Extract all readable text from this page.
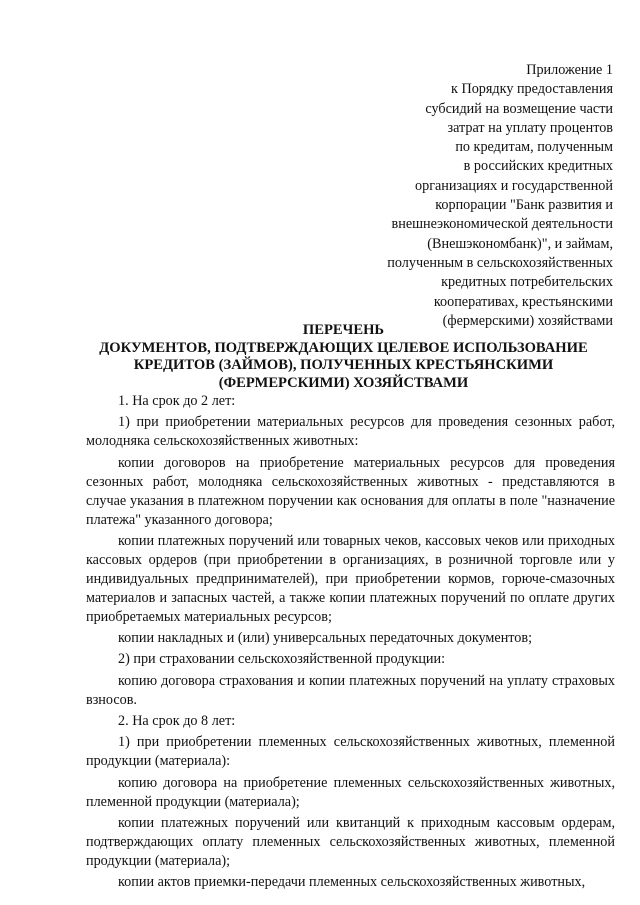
Приложение 1
к Порядку предоставления
субсидий на возмещение части
затрат на уплату процентов
по кредитам, полученным
в российских кредитных
организациях и государственной
корпорации "Банк развития и
внешнеэкономической деятельности
(Внешэкономбанк)", и займам,
полученным в сельскохозяйственных
кредитных потребительских
кооперативах, крестьянскими
(фермерскими) хозяйствами
ПЕРЕЧЕНЬ
ДОКУМЕНТОВ, ПОДТВЕРЖДАЮЩИХ ЦЕЛЕВОЕ ИСПОЛЬЗОВАНИЕ
КРЕДИТОВ (ЗАЙМОВ), ПОЛУЧЕННЫХ КРЕСТЬЯНСКИМИ
(ФЕРМЕРСКИМИ) ХОЗЯЙСТВАМИ

1. На срок до 2 лет:

1) при приобретении материальных ресурсов для проведения сезонных работ, молодняка сельскохозяйственных животных:

копии договоров на приобретение материальных ресурсов для проведения сезонных работ, молодняка сельскохозяйственных животных - представляются в случае указания в платежном поручении как основания для оплаты в поле "назначение платежа" указанного договора;

копии платежных поручений или товарных чеков, кассовых чеков или приходных кассовых ордеров (при приобретении в организациях, в розничной торговле или у индивидуальных предпринимателей), при приобретении кормов, горюче-смазочных материалов и запасных частей, а также копии платежных поручений по оплате других приобретаемых материальных ресурсов;

копии накладных и (или) универсальных передаточных документов;

2) при страховании сельскохозяйственной продукции:

копию договора страхования и копии платежных поручений на уплату страховых взносов.

2. На срок до 8 лет:

1) при приобретении племенных сельскохозяйственных животных, племенной продукции (материала):

копию договора на приобретение племенных сельскохозяйственных животных, племенной продукции (материала);

копии платежных поручений или квитанций к приходным кассовым ордерам, подтверждающих оплату племенных сельскохозяйственных животных, племенной продукции (материала);

копии актов приемки-передачи племенных сельскохозяйственных животных,
